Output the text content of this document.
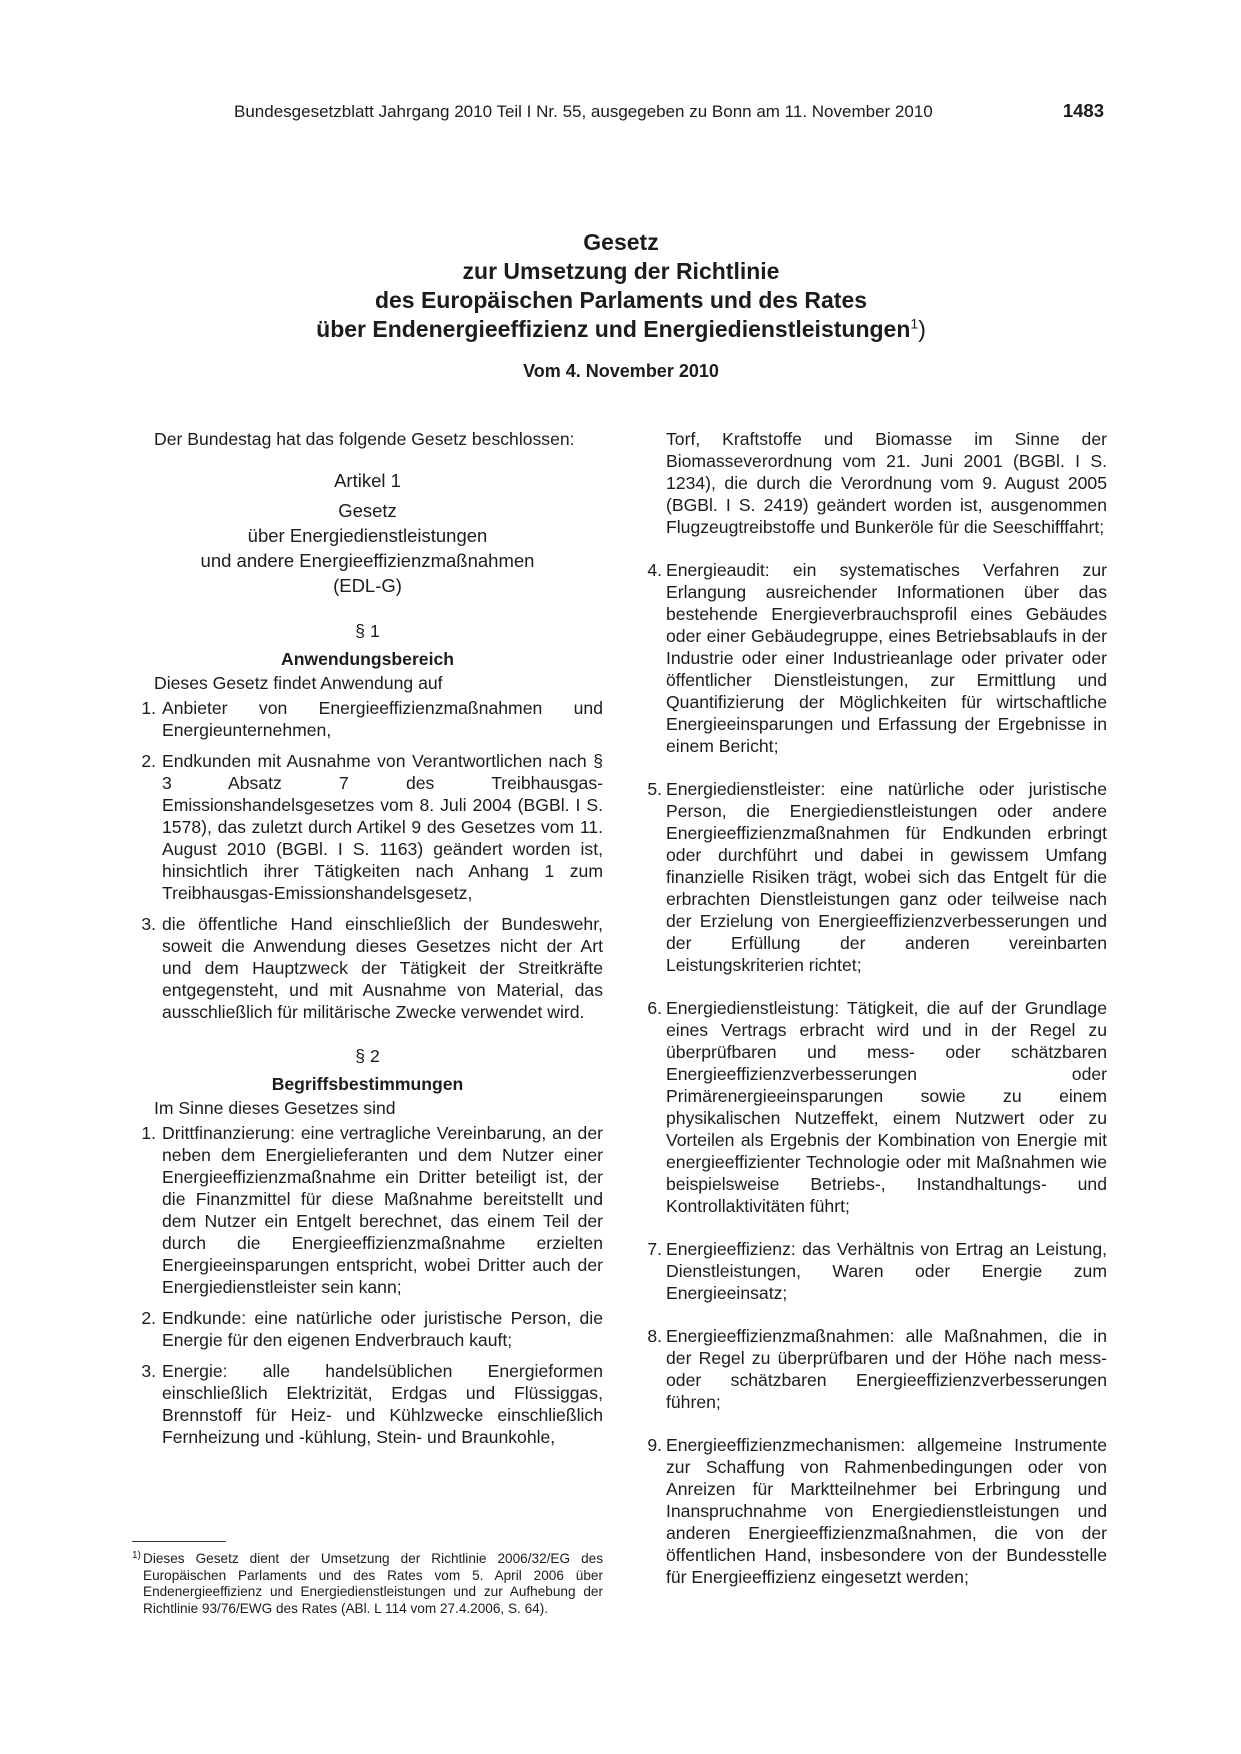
Bundesgesetzblatt Jahrgang 2010 Teil I Nr. 55, ausgegeben zu Bonn am 11. November 2010	1483
Gesetz
zur Umsetzung der Richtlinie
des Europäischen Parlaments und des Rates
über Endenergieeffizienz und Energiedienstleistungen$^1$)
Vom 4. November 2010

Der Bundestag hat das folgende Gesetz beschlossen:

Artikel 1

Gesetz
über Energiedienstleistungen
und andere Energieeffizienzmaßnahmen
(EDL-G)

§ 1

Anwendungsbereich

Dieses Gesetz findet Anwendung auf

1. Anbieter von Energieeffizienzmaßnahmen und Energieunternehmen,

2. Endkunden mit Ausnahme von Verantwortlichen nach § 3 Absatz 7 des Treibhausgas-Emissionshandelsgesetzes vom 8. Juli 2004 (BGBl. I S. 1578), das zuletzt durch Artikel 9 des Gesetzes vom 11. August 2010 (BGBl. I S. 1163) geändert worden ist, hinsichtlich ihrer Tätigkeiten nach Anhang 1 zum Treibhausgas-Emissionshandelsgesetz,

3. die öffentliche Hand einschließlich der Bundeswehr, soweit die Anwendung dieses Gesetzes nicht der Art und dem Hauptzweck der Tätigkeit der Streitkräfte entgegensteht, und mit Ausnahme von Material, das ausschließlich für militärische Zwecke verwendet wird.

§ 2

Begriffsbestimmungen

Im Sinne dieses Gesetzes sind

1. Drittfinanzierung: eine vertragliche Vereinbarung, an der neben dem Energielieferanten und dem Nutzer einer Energieeffizienzmaßnahme ein Dritter beteiligt ist, der die Finanzmittel für diese Maßnahme bereitstellt und dem Nutzer ein Entgelt berechnet, das einem Teil der durch die Energieeffizienzmaßnahme erzielten Energieeinsparungen entspricht, wobei Dritter auch der Energiedienstleister sein kann;

2. Endkunde: eine natürliche oder juristische Person, die Energie für den eigenen Endverbrauch kauft;

3. Energie: alle handelsüblichen Energieformen einschließlich Elektrizität, Erdgas und Flüssiggas, Brennstoff für Heiz- und Kühlzwecke einschließlich Fernheizung und -kühlung, Stein- und Braunkohle,

1) Dieses Gesetz dient der Umsetzung der Richtlinie 2006/32/EG des Europäischen Parlaments und des Rates vom 5. April 2006 über Endenergieeffizienz und Energiedienstleistungen und zur Aufhebung der Richtlinie 93/76/EWG des Rates (ABl. L 114 vom 27.4.2006, S. 64).

Torf, Kraftstoffe und Biomasse im Sinne der Biomasseverordnung vom 21. Juni 2001 (BGBl. I S. 1234), die durch die Verordnung vom 9. August 2005 (BGBl. I S. 2419) geändert worden ist, ausgenommen Flugzeugtreibstoffe und Bunkeröle für die Seeschifffahrt;

4. Energieaudit: ein systematisches Verfahren zur Erlangung ausreichender Informationen über das bestehende Energieverbrauchsprofil eines Gebäudes oder einer Gebäudegruppe, eines Betriebsablaufs in der Industrie oder einer Industrieanlage oder privater oder öffentlicher Dienstleistungen, zur Ermittlung und Quantifizierung der Möglichkeiten für wirtschaftliche Energieeinsparungen und Erfassung der Ergebnisse in einem Bericht;

5. Energiedienstleister: eine natürliche oder juristische Person, die Energiedienstleistungen oder andere Energieeffizienzmaßnahmen für Endkunden erbringt oder durchführt und dabei in gewissem Umfang finanzielle Risiken trägt, wobei sich das Entgelt für die erbrachten Dienstleistungen ganz oder teilweise nach der Erzielung von Energieeffizienzverbesserungen und der Erfüllung der anderen vereinbarten Leistungskriterien richtet;

6. Energiedienstleistung: Tätigkeit, die auf der Grundlage eines Vertrags erbracht wird und in der Regel zu überprüfbaren und mess- oder schätzbaren Energieeffizienzverbesserungen oder Primärenergieeinsparungen sowie zu einem physikalischen Nutzeffekt, einem Nutzwert oder zu Vorteilen als Ergebnis der Kombination von Energie mit energieeffizienter Technologie oder mit Maßnahmen wie beispielsweise Betriebs-, Instandhaltungs- und Kontrollaktivitäten führt;

7. Energieeffizienz: das Verhältnis von Ertrag an Leistung, Dienstleistungen, Waren oder Energie zum Energieeinsatz;

8. Energieeffizienzmaßnahmen: alle Maßnahmen, die in der Regel zu überprüfbaren und der Höhe nach mess- oder schätzbaren Energieeffizienzverbesserungen führen;

9. Energieeffizienzmechanismen: allgemeine Instrumente zur Schaffung von Rahmenbedingungen oder von Anreizen für Marktteilnehmer bei Erbringung und Inanspruchnahme von Energiedienstleistungen und anderen Energieeffizienzmaßnahmen, die von der öffentlichen Hand, insbesondere von der Bundesstelle für Energieeffizienz eingesetzt werden;
